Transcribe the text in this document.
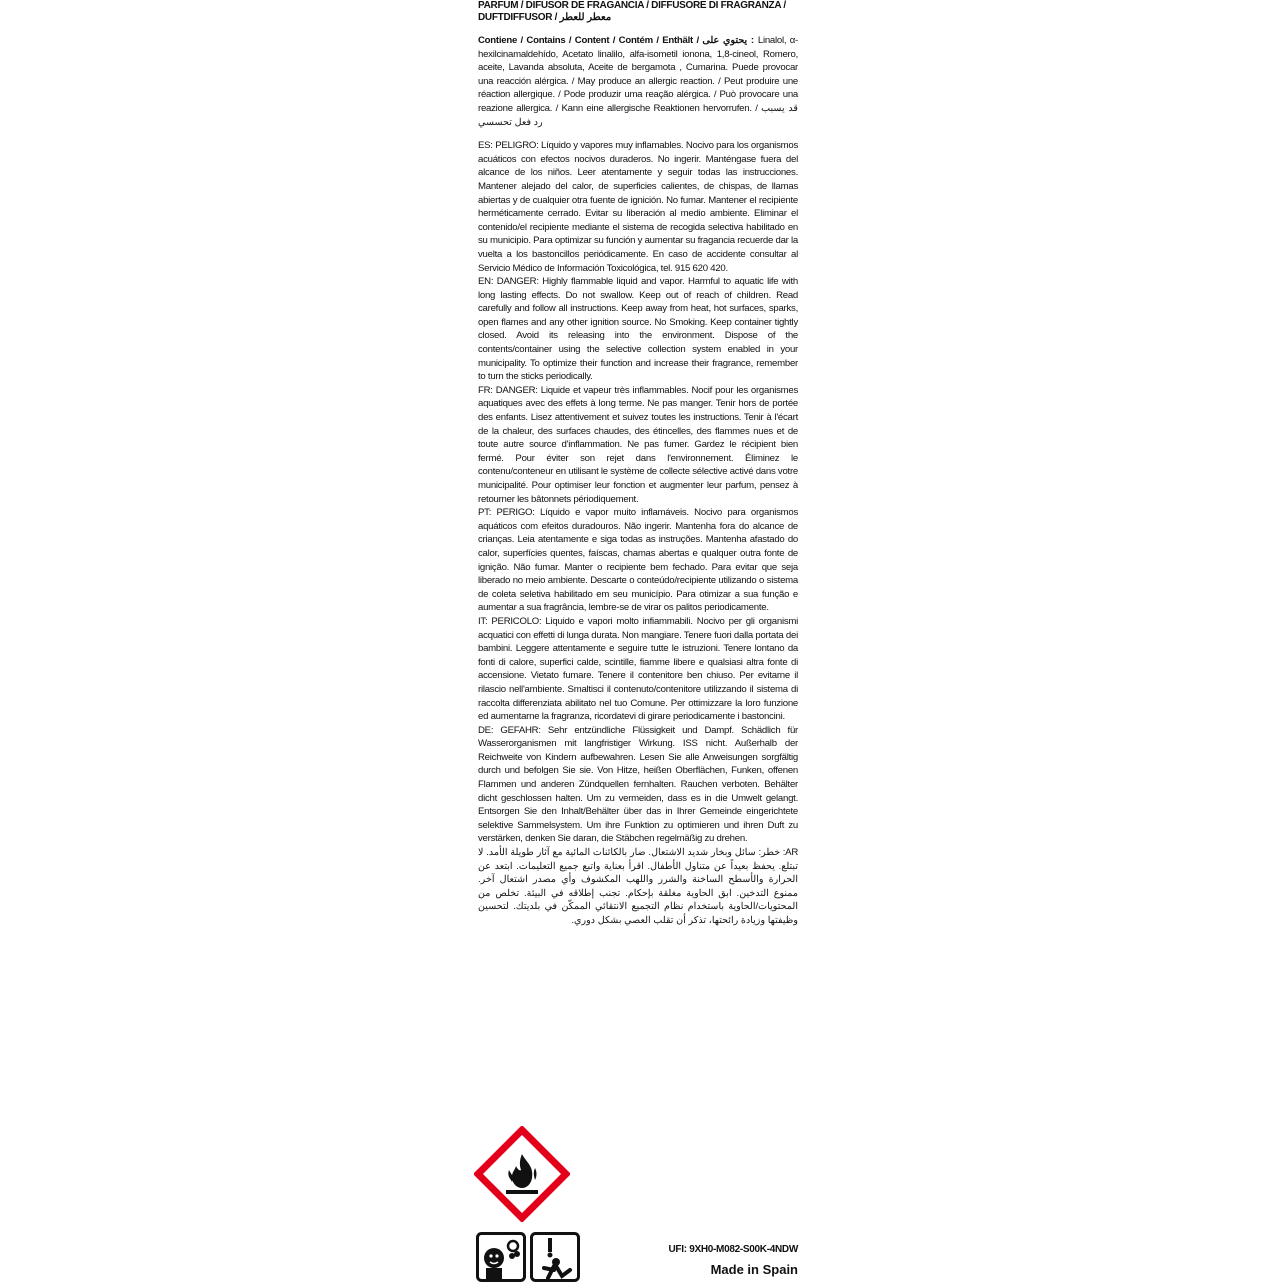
PARFUM / DIFUSOR DE FRAGANCIA / DIFFUSORE DI FRAGRANZA /
DUFTDIFFUSOR / معطر للعطر
Contiene / Contains / Content / Contém / Enthält / يحتوي على : Linalol, α-hexilcinamaldehído, Acetato linalilo, alfa-isometil ionona, 1,8-cineol, Romero, aceite, Lavanda absoluta, Aceite de bergamota , Cumarina. Puede provocar una reacción alérgica. / May produce an allergic reaction. / Peut produire une réaction allergique. / Pode produzir uma reação alérgica. / Può provocare una reazione allergica. / Kann eine allergische Reaktionen hervorrufen. / قد يسبب رد فعل تحسسي

ES: PELIGRO: Líquido y vapores muy inflamables. Nocivo para los organismos acuáticos con efectos nocivos duraderos. No ingerir. Manténgase fuera del alcance de los niños. Leer atentamente y seguir todas las instrucciones. Mantener alejado del calor, de superficies calientes, de chispas, de llamas abiertas y de cualquier otra fuente de ignición. No fumar. Mantener el recipiente herméticamente cerrado. Evitar su liberación al medio ambiente. Eliminar el contenido/el recipiente mediante el sistema de recogida selectiva habilitado en su municipio. Para optimizar su función y aumentar su fragancia recuerde dar la vuelta a los bastoncillos periódicamente. En caso de accidente consultar al Servicio Médico de Información Toxicológica, tel. 915 620 420.

EN: DANGER: Highly flammable liquid and vapor. Harmful to aquatic life with long lasting effects. Do not swallow. Keep out of reach of children. Read carefully and follow all instructions. Keep away from heat, hot surfaces, sparks, open flames and any other ignition source. No Smoking. Keep container tightly closed. Avoid its releasing into the environment. Dispose of the contents/container using the selective collection system enabled in your municipality. To optimize their function and increase their fragrance, remember to turn the sticks periodically.

FR: DANGER: Liquide et vapeur très inflammables. Nocif pour les organismes aquatiques avec des effets à long terme. Ne pas manger. Tenir hors de portée des enfants. Lisez attentivement et suivez toutes les instructions. Tenir à l'écart de la chaleur, des surfaces chaudes, des étincelles, des flammes nues et de toute autre source d'inflammation. Ne pas fumer. Gardez le récipient bien fermé. Pour éviter son rejet dans l'environnement. Éliminez le contenu/conteneur en utilisant le système de collecte sélective activé dans votre municipalité. Pour optimiser leur fonction et augmenter leur parfum, pensez à retourner les bâtonnets périodiquement.

PT: PERIGO: Líquido e vapor muito inflamáveis. Nocivo para organismos aquáticos com efeitos duradouros. Não ingerir. Mantenha fora do alcance de crianças. Leia atentamente e siga todas as instruções. Mantenha afastado do calor, superfícies quentes, faíscas, chamas abertas e qualquer outra fonte de ignição. Não fumar. Manter o recipiente bem fechado. Para evitar que seja liberado no meio ambiente. Descarte o conteúdo/recipiente utilizando o sistema de coleta seletiva habilitado em seu município. Para otimizar a sua função e aumentar a sua fragrância, lembre-se de virar os palitos periodicamente.

IT: PERICOLO: Liquido e vapori molto infiammabili. Nocivo per gli organismi acquatici con effetti di lunga durata. Non mangiare. Tenere fuori dalla portata dei bambini. Leggere attentamente e seguire tutte le istruzioni. Tenere lontano da fonti di calore, superfici calde, scintille, fiamme libere e qualsiasi altra fonte di accensione. Vietato fumare. Tenere il contenitore ben chiuso. Per evitarne il rilascio nell'ambiente. Smaltisci il contenuto/contenitore utilizzando il sistema di raccolta differenziata abilitato nel tuo Comune. Per ottimizzare la loro funzione ed aumentarne la fragranza, ricordatevi di girare periodicamente i bastoncini.

DE: GEFAHR: Sehr entzündliche Flüssigkeit und Dampf. Schädlich für Wasserorganismen mit langfristiger Wirkung. ISS nicht. Außerhalb der Reichweite von Kindern aufbewahren. Lesen Sie alle Anweisungen sorgfältig durch und befolgen Sie sie. Von Hitze, heißen Oberflächen, Funken, offenen Flammen und anderen Zündquellen fernhalten. Rauchen verboten. Behälter dicht geschlossen halten. Um zu vermeiden, dass es in die Umwelt gelangt. Entsorgen Sie den Inhalt/Behälter über das in Ihrer Gemeinde eingerichtete selektive Sammelsystem. Um ihre Funktion zu optimieren und ihren Duft zu verstärken, denken Sie daran, die Stäbchen regelmäßig zu drehen.

AR: خطر: سائل وبخار شديد الاشتعال. ضار بالكائنات المائية مع آثار طويلة الأمد. لا تبتلع. يحفظ بعيداً عن متناول الأطفال. اقرأ بعناية واتبع جميع التعليمات. ابتعد عن الحرارة والأسطح الساخنة والشرر واللهب المكشوف وأي مصدر اشتعال آخر. ممنوع التدخين. ابق الحاوية مغلقة بإحكام. تجنب إطلاقه في البيئة. تخلص من المحتويات/الحاوية باستخدام نظام التجميع الانتقائي الممكّن في بلديتك. لتحسين وظيفتها وزيادة رائحتها، تذكر أن تقلب العصي بشكل دوري.

UFI: 9XH0-M082-S00K-4NDW
Made in Spain
